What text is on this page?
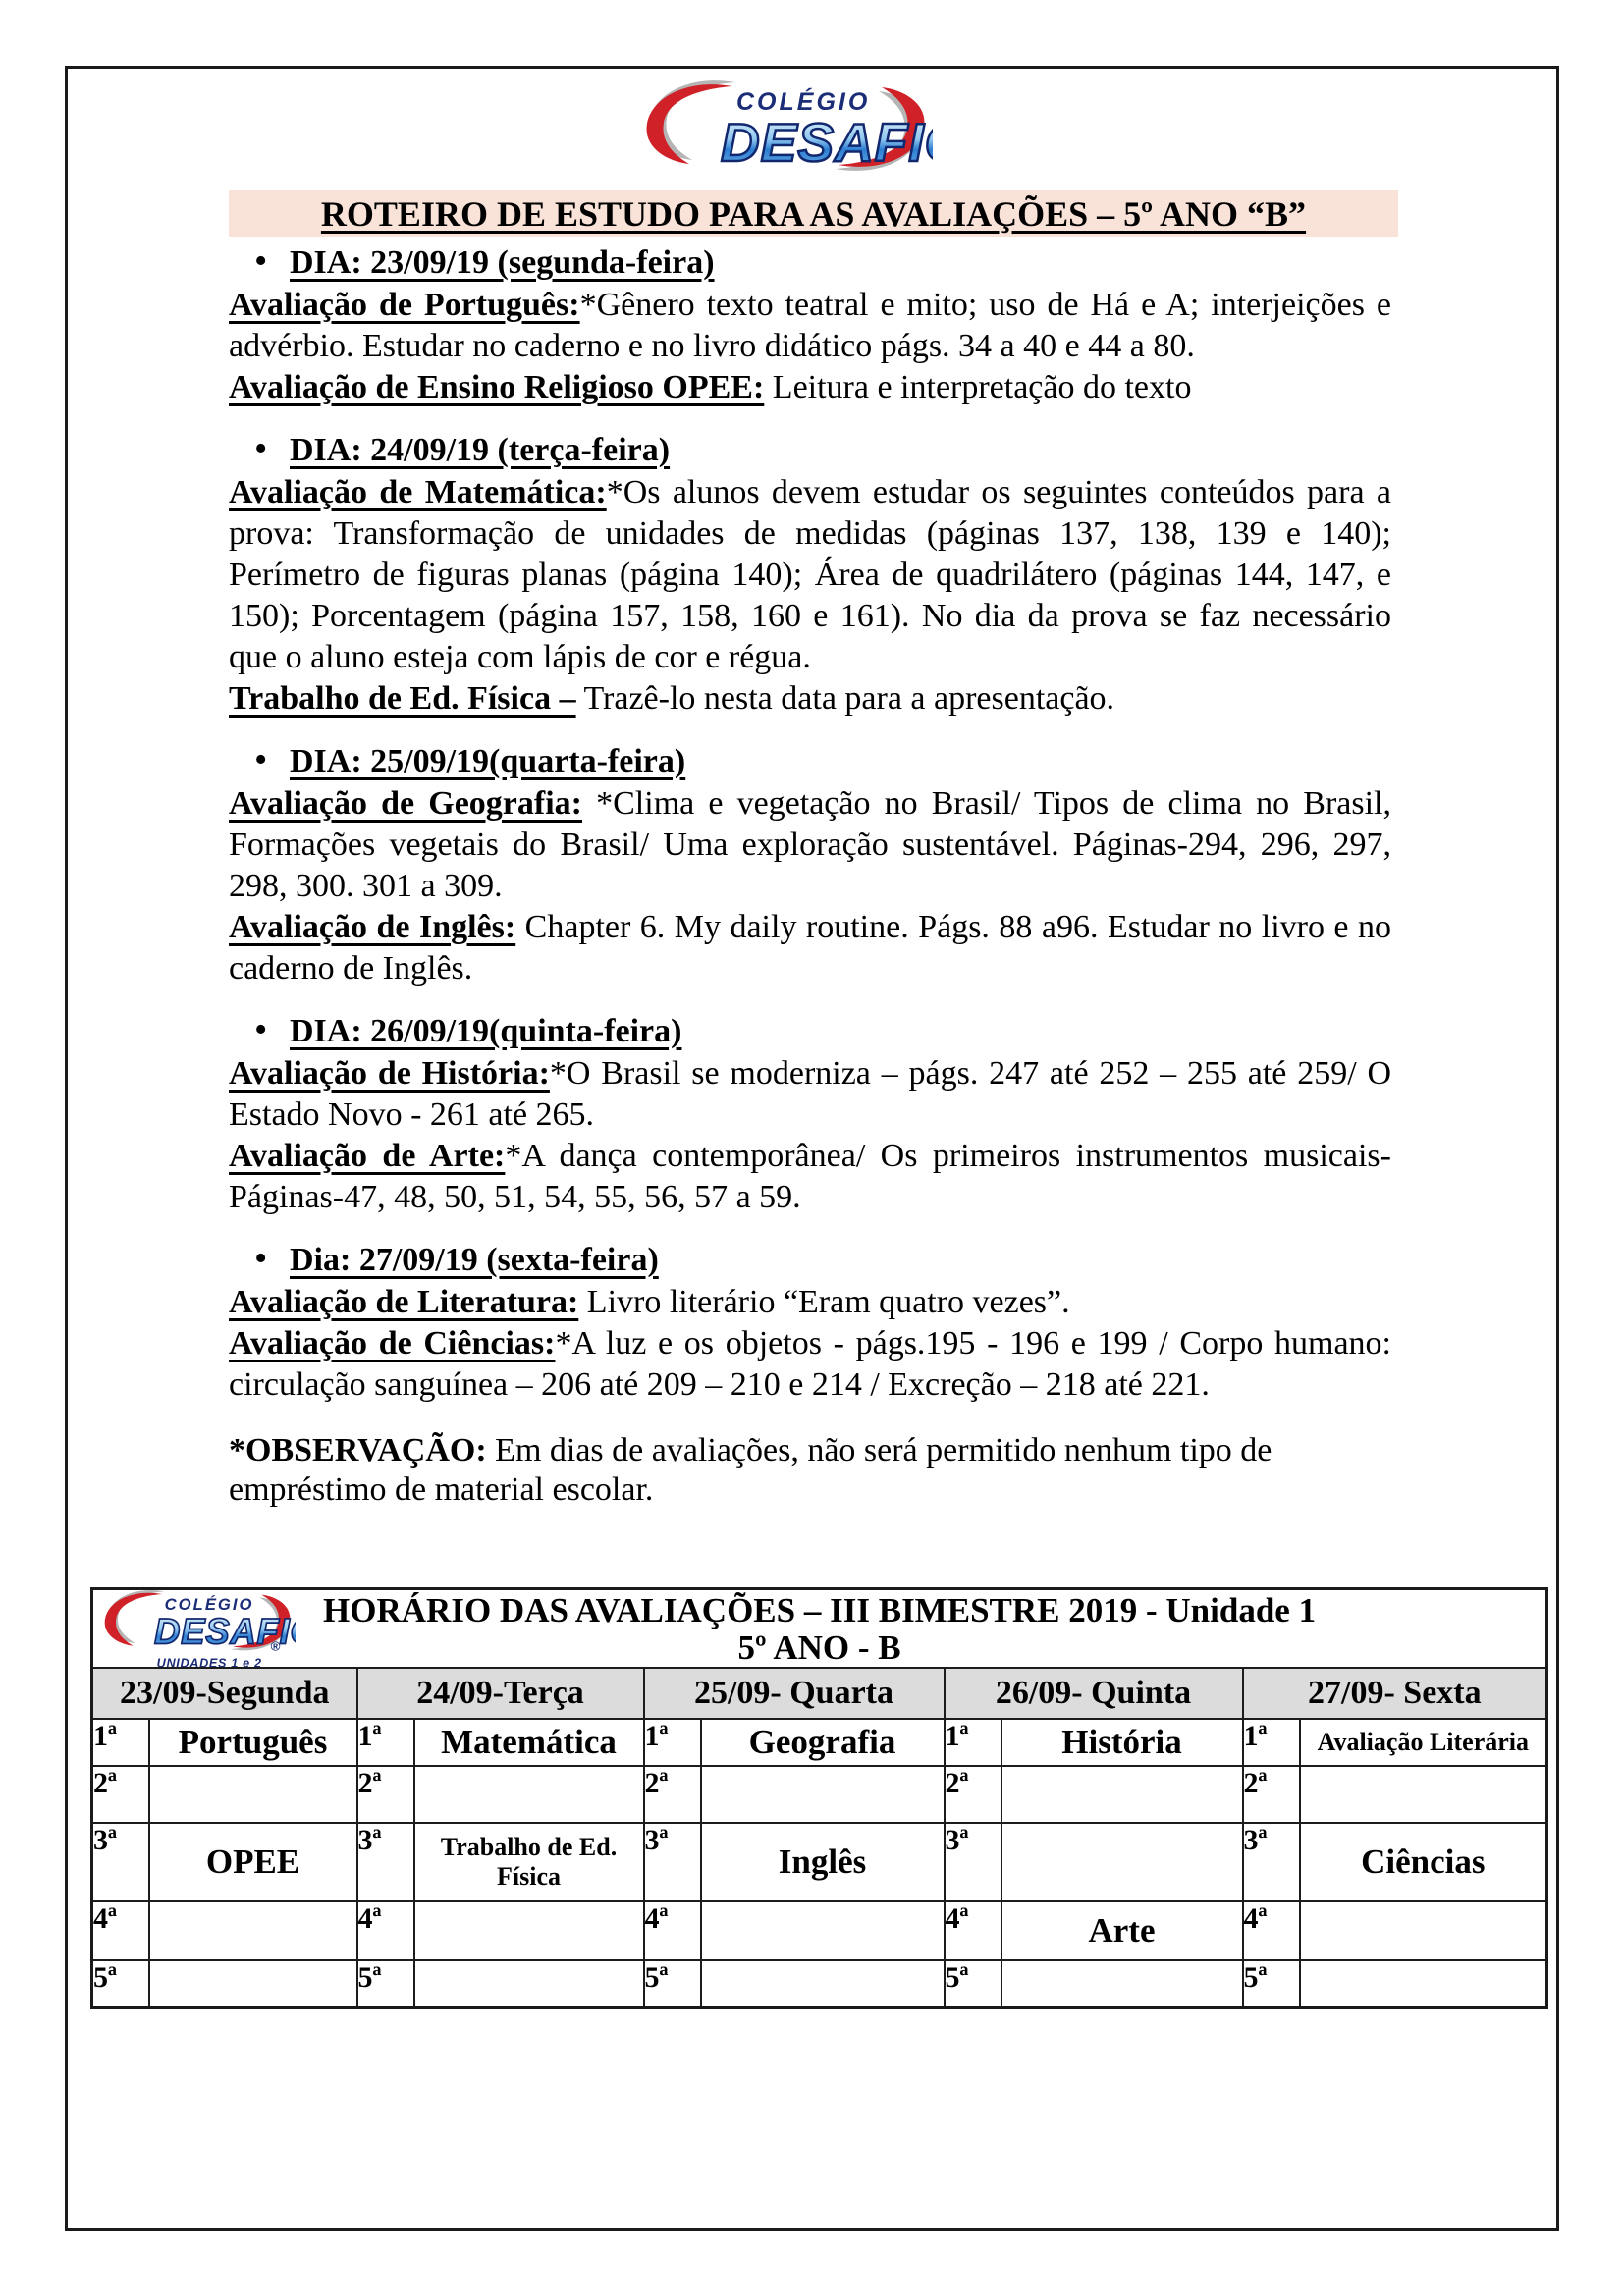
COLÉGIO
DESAFI
ROTEIRO DE ESTUDO PARA AS AVALIAÇÕES – 5º ANO “B”
• DIA: 23/09/19 (segunda-feira)

Avaliação de Português:*Gênero texto teatral e mito; uso de Há e A; interjeições e advérbio. Estudar no caderno e no livro didático págs. 34 a 40 e 44 a 80.

Avaliação de Ensino Religioso OPEE: Leitura e interpretação do texto

• DIA: 24/09/19 (terça-feira)

Avaliação de Matemática:*Os alunos devem estudar os seguintes conteúdos para a prova: Transformação de unidades de medidas (páginas 137, 138, 139 e 140); Perímetro de figuras planas (página 140); Área de quadrilátero (páginas 144, 147, e 150); Porcentagem (página 157, 158, 160 e 161). No dia da prova se faz necessário que o aluno esteja com lápis de cor e régua.

Trabalho de Ed. Física – Trazê-lo nesta data para a apresentação.

• DIA: 25/09/19(quarta-feira)

Avaliação de Geografia: *Clima e vegetação no Brasil/ Tipos de clima no Brasil, Formações vegetais do Brasil/ Uma exploração sustentável. Páginas-294, 296, 297, 298, 300. 301 a 309.

Avaliação de Inglês: Chapter 6. My daily routine. Págs. 88 a96. Estudar no livro e no caderno de Inglês.

• DIA: 26/09/19(quinta-feira)

Avaliação de História:*O Brasil se moderniza – págs. 247 até 252 – 255 até 259/ O Estado Novo - 261 até 265.

Avaliação de Arte:*A dança contemporânea/ Os primeiros instrumentos musicais- Páginas-47, 48, 50, 51, 54, 55, 56, 57 a 59.

• Dia: 27/09/19 (sexta-feira)

Avaliação de Literatura: Livro literário “Eram quatro vezes”.

Avaliação de Ciências:*A luz e os objetos - págs.195 - 196 e 199 / Corpo humano: circulação sanguínea – 206 até 209 – 210 e 214 / Excreção – 218 até 221.

*OBSERVAÇÃO: Em dias de avaliações, não será permitido nenhum tipo de empréstimo de material escolar.

COLÉGIO
DESAFI
®
UNIDADES 1 e 2
HORÁRIO DAS AVALIAÇÕES – III BIMESTRE 2019 - Unidade 1
5º ANO - B

23/09-Segunda		24/09-Terça		25/09- Quarta		26/09- Quinta		27/09- Sexta	
1ª	Português	1ª	Matemática	1ª	Geografia	1ª	História	1ª	Avaliação Literária
2ª		2ª		2ª		2ª		2ª	
3ª	OPEE	3ª	Trabalho de Ed. Física	3ª	Inglês	3ª		3ª	Ciências
4ª		4ª		4ª		4ª	Arte	4ª	
5ª		5ª		5ª		5ª		5ª	
